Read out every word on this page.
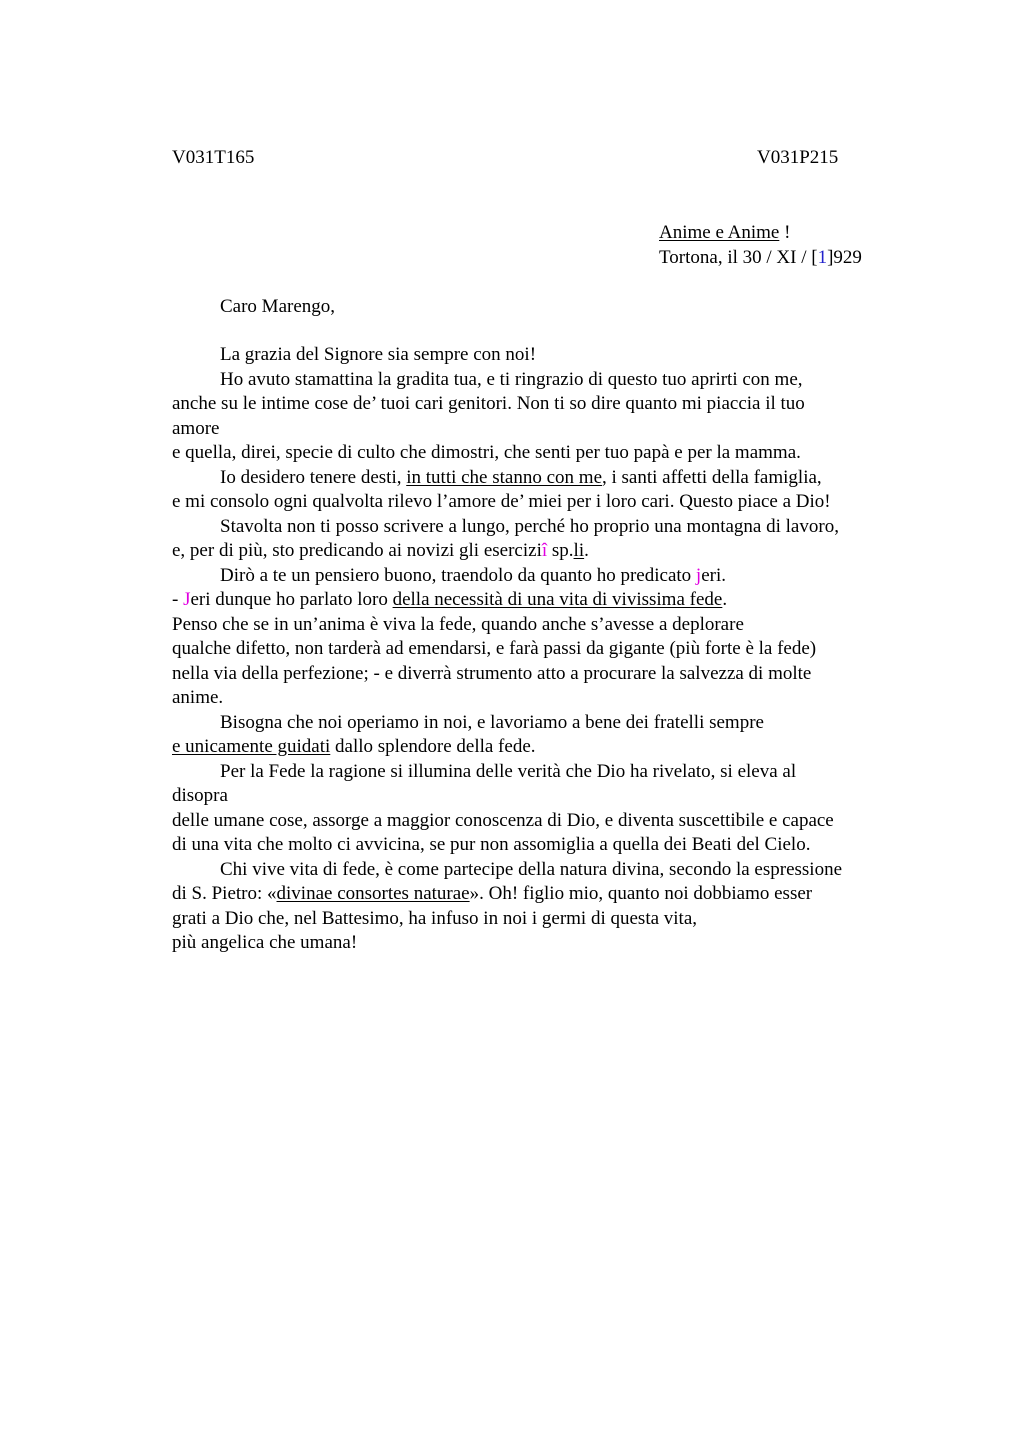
V031T165	V031P215
Anime e Anime !
Tortona, il 30 / XI / [1]929
Caro Marengo,
La grazia del Signore sia sempre con noi!
Ho avuto stamattina la gradita tua, e ti ringrazio di questo tuo aprirti con me,
anche su le intime cose de’ tuoi cari genitori. Non ti so dire quanto mi piaccia il tuo
amore
e quella, direi, specie di culto che dimostri, che senti per tuo papà e per la mamma.
Io desidero tenere desti, in tutti che stanno con me, i santi affetti della famiglia,
e mi consolo ogni qualvolta rilevo l’amore de’ miei per i loro cari. Questo piace a Dio!
Stavolta non ti posso scrivere a lungo, perché ho proprio una montagna di lavoro,
e, per di più, sto predicando ai novizi gli eserciziî sp.li.
Dirò a te un pensiero buono, traendolo da quanto ho predicato jeri.
- Jeri dunque ho parlato loro della necessità di una vita di vivissima fede.
Penso che se in un’anima è viva la fede, quando anche s’avesse a deplorare
qualche difetto, non tarderà ad emendarsi, e farà passi da gigante (più forte è la fede)
nella via della perfezione; - e diverrà strumento atto a procurare la salvezza di molte
anime.
Bisogna che noi operiamo in noi, e lavoriamo a bene dei fratelli sempre
e unicamente guidati dallo splendore della fede.
Per la Fede la ragione si illumina delle verità che Dio ha rivelato, si eleva al
disopra
delle umane cose, assorge a maggior conoscenza di Dio, e diventa suscettibile e capace
di una vita che molto ci avvicina, se pur non assomiglia a quella dei Beati del Cielo.
Chi vive vita di fede, è come partecipe della natura divina, secondo la espressione
di S. Pietro: «divinae consortes naturae». Oh! figlio mio, quanto noi dobbiamo esser
grati a Dio che, nel Battesimo, ha infuso in noi i germi di questa vita,
più angelica che umana!
